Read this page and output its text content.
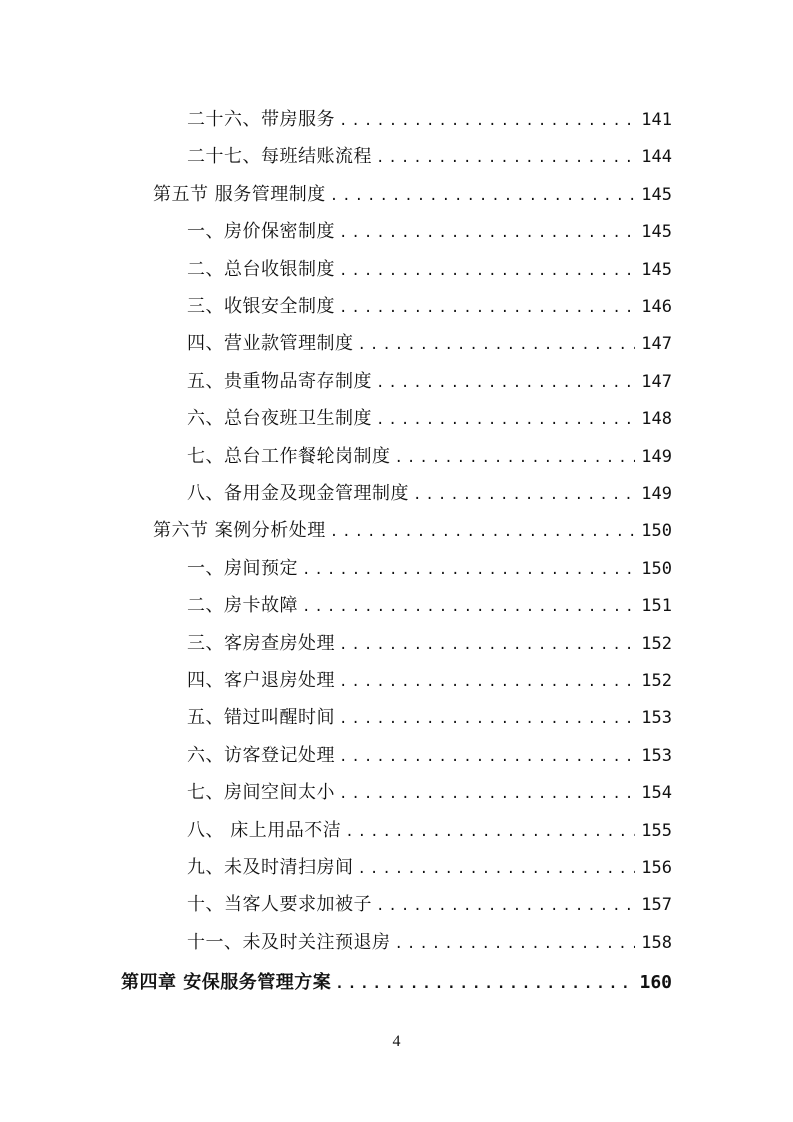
二十六、带房服务 .....	141
二十七、每班结账流程 .....	144
第五节 服务管理制度 .....	145
一、房价保密制度 .....	145
二、总台收银制度 .....	145
三、收银安全制度 .....	146
四、营业款管理制度 .....	147
五、贵重物品寄存制度 .....	147
六、总台夜班卫生制度 .....	148
七、总台工作餐轮岗制度 .....	149
八、备用金及现金管理制度 .....	149
第六节 案例分析处理 .....	150
一、房间预定 .....	150
二、房卡故障 .....	151
三、客房查房处理 .....	152
四、客户退房处理 .....	152
五、错过叫醒时间 .....	153
六、访客登记处理 .....	153
七、房间空间太小 .....	154
八、 床上用品不洁 .....	155
九、未及时清扫房间 .....	156
十、当客人要求加被子 .....	157
十一、未及时关注预退房 .....	158
第四章 安保服务管理方案 .....	160
4
